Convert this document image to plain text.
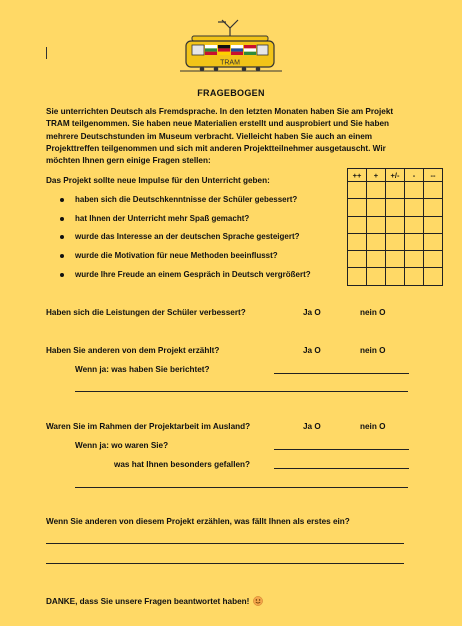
TRAM
FRAGEBOGEN
Sie unterrichten Deutsch als Fremdsprache. In den letzten Monaten haben Sie am Projekt TRAM teilgenommen. Sie haben neue Materialien erstellt und ausprobiert und Sie haben mehrere Deutschstunden im Museum verbracht. Vielleicht haben Sie auch an einem Projekttreffen teilgenommen und sich mit anderen Projektteilnehmer ausgetauscht. Wir möchten Ihnen gern einige Fragen stellen:
Das Projekt sollte neue Impulse für den Unterricht geben:
haben sich die Deutschkenntnisse der Schüler gebessert?
hat Ihnen der Unterricht mehr Spaß gemacht?
wurde das Interesse an der deutschen Sprache gesteigert?
wurde die Motivation für neue Methoden beeinflusst?
wurde Ihre Freude an einem Gespräch in Deutsch vergrößert?
++	+	+/-	-	--

Haben sich die Leistungen der Schüler verbessert?	Ja O	nein O
Haben Sie anderen von dem Projekt erzählt?	Ja O	nein O
Wenn ja: was haben Sie berichtet?
Waren Sie im Rahmen der Projektarbeit im Ausland?	Ja O	nein O
Wenn ja: wo waren Sie?
was hat Ihnen besonders gefallen?
Wenn Sie anderen von diesem Projekt erzählen, was fällt Ihnen als erstes ein?
DANKE, dass Sie unsere Fragen beantwortet haben!
